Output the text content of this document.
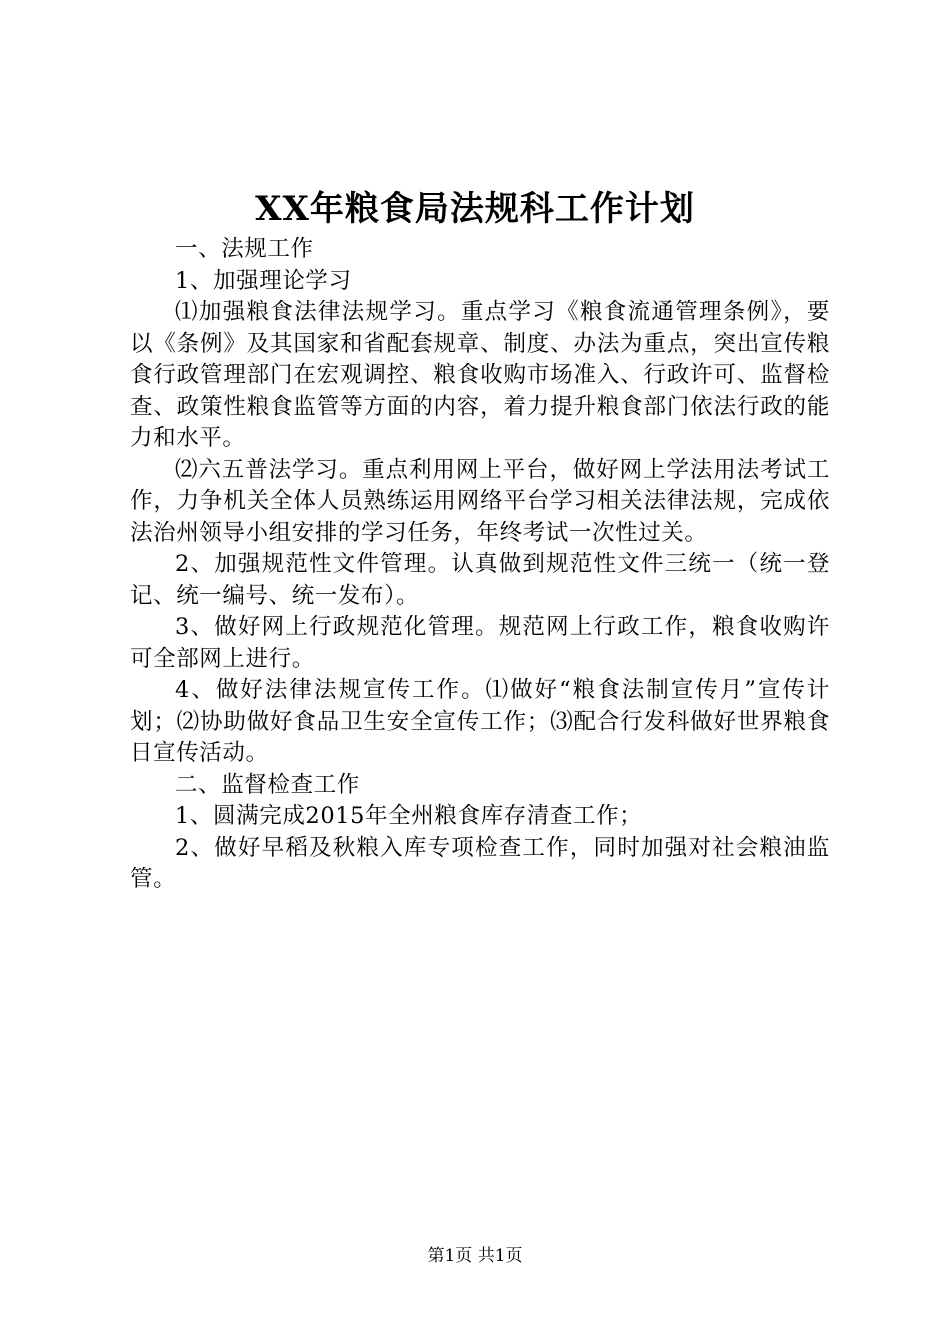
XX年粮食局法规科工作计划

一、法规工作

1、加强理论学习

⑴加强粮食法律法规学习。重点学习《粮食流通管理条例》，要以《条例》及其国家和省配套规章、制度、办法为重点，突出宣传粮食行政管理部门在宏观调控、粮食收购市场准入、行政许可、监督检查、政策性粮食监管等方面的内容，着力提升粮食部门依法行政的能力和水平。

⑵六五普法学习。重点利用网上平台，做好网上学法用法考试工作，力争机关全体人员熟练运用网络平台学习相关法律法规，完成依法治州领导小组安排的学习任务，年终考试一次性过关。

2、加强规范性文件管理。认真做到规范性文件三统一（统一登记、统一编号、统一发布）。

3、做好网上行政规范化管理。规范网上行政工作，粮食收购许可全部网上进行。

4、做好法律法规宣传工作。⑴做好“粮食法制宣传月”宣传计划；⑵协助做好食品卫生安全宣传工作；⑶配合行发科做好世界粮食日宣传活动。

二、监督检查工作

1、圆满完成2015年全州粮食库存清查工作；

2、做好早稻及秋粮入库专项检查工作，同时加强对社会粮油监管。

第1页 共1页
